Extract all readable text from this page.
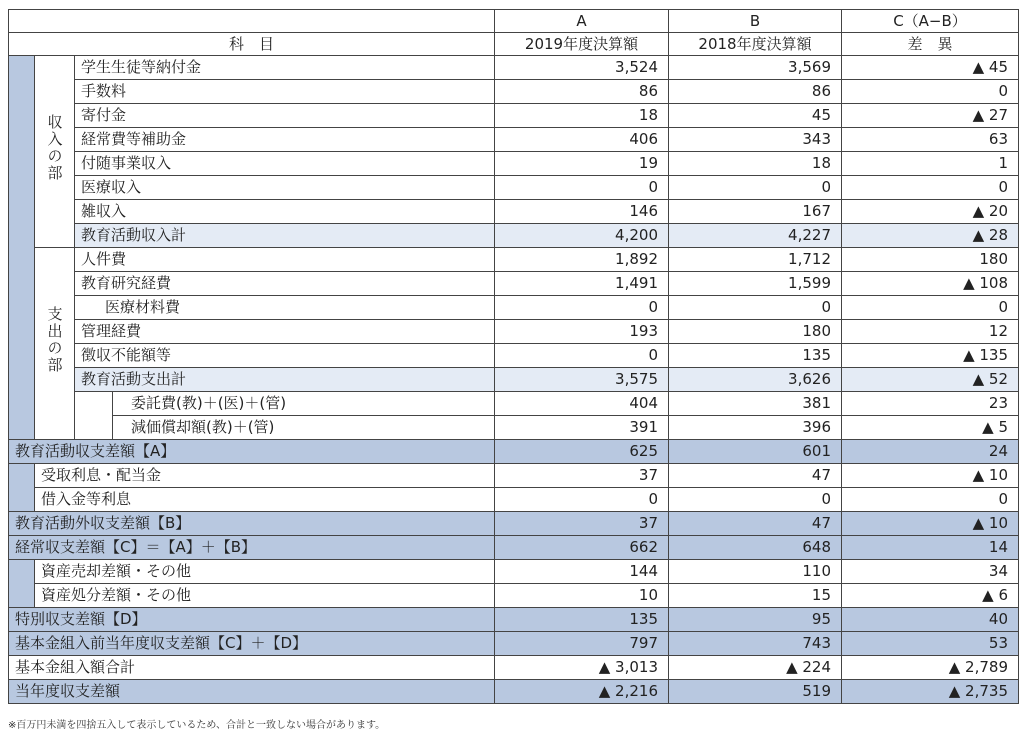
				A	B	C（A−B）
科　目				2019年度決算額	2018年度決算額	差　異
	収入の部	学生生徒等納付金		3,524	3,569	▲ 45
		手数料		86	86	0
		寄付金		18	45	▲ 27
		経常費等補助金		406	343	63
		付随事業収入		19	18	1
		医療収入		0	0	0
		雑収入		146	167	▲ 20
		教育活動収入計		4,200	4,227	▲ 28
	支出の部	人件費		1,892	1,712	180
		教育研究経費		1,491	1,599	▲ 108
		医療材料費		0	0	0
		管理経費		193	180	12
		徴収不能額等		0	135	▲ 135
		教育活動支出計		3,575	3,626	▲ 52
			委託費(教)＋(医)＋(管)	404	381	23
			減価償却額(教)＋(管)	391	396	▲ 5
教育活動収支差額【A】				625	601	24
	受取利息・配当金			37	47	▲ 10
	借入金等利息			0	0	0
教育活動外収支差額【B】				37	47	▲ 10
経常収支差額【C】＝【A】＋【B】				662	648	14
	資産売却差額・その他			144	110	34
	資産処分差額・その他			10	15	▲ 6
特別収支差額【D】				135	95	40
基本金組入前当年度収支差額【C】＋【D】				797	743	53
基本金組入額合計				▲ 3,013	▲ 224	▲ 2,789
当年度収支差額				▲ 2,216	519	▲ 2,735
※百万円未満を四捨五入して表示しているため、合計と一致しない場合があります。
